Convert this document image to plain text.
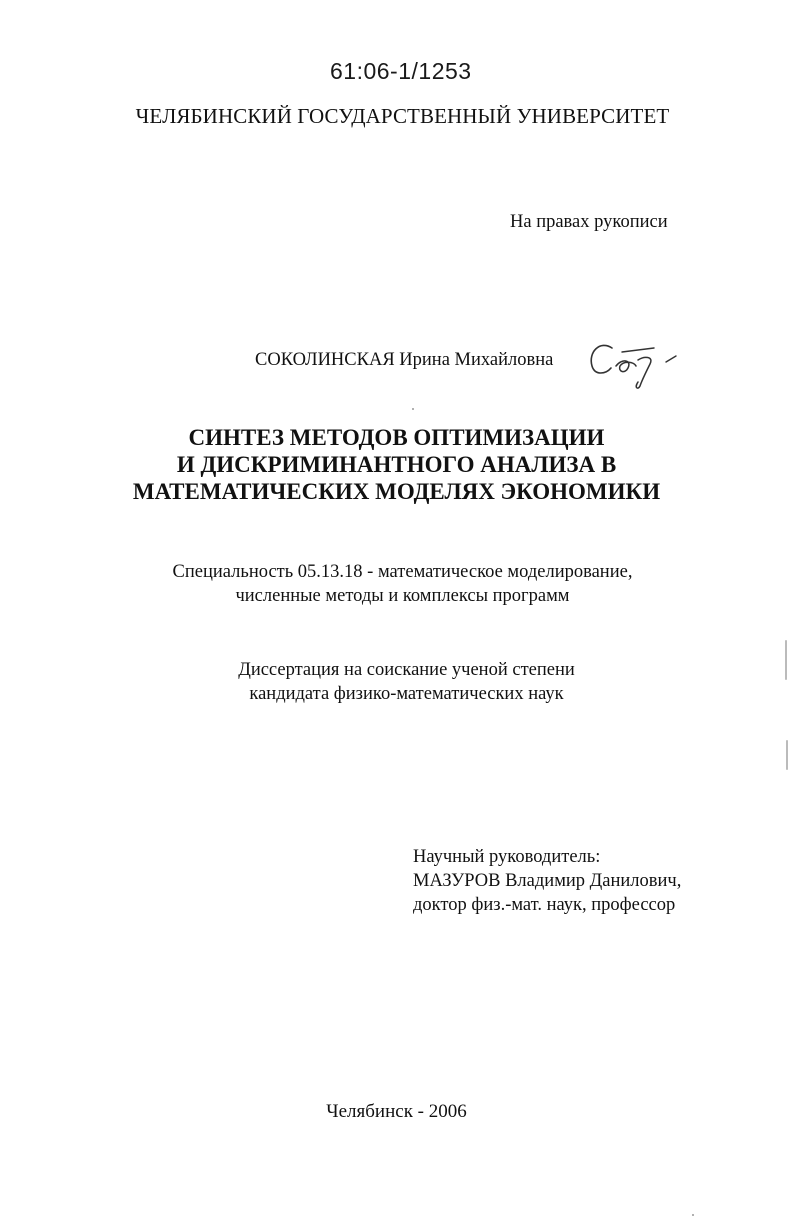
61:06-1/1253
ЧЕЛЯБИНСКИЙ ГОСУДАРСТВЕННЫЙ УНИВЕРСИТЕТ
На правах рукописи
СОКОЛИНСКАЯ Ирина Михайловна
СИНТЕЗ МЕТОДОВ ОПТИМИЗАЦИИ
И ДИСКРИМИНАНТНОГО АНАЛИЗА В
МАТЕМАТИЧЕСКИХ МОДЕЛЯХ ЭКОНОМИКИ
Специальность 05.13.18 - математическое моделирование,
численные методы и комплексы программ
Диссертация на соискание ученой степени
кандидата физико-математических наук
Научный руководитель:
МАЗУРОВ Владимир Данилович,
доктор физ.-мат. наук, профессор
Челябинск - 2006
